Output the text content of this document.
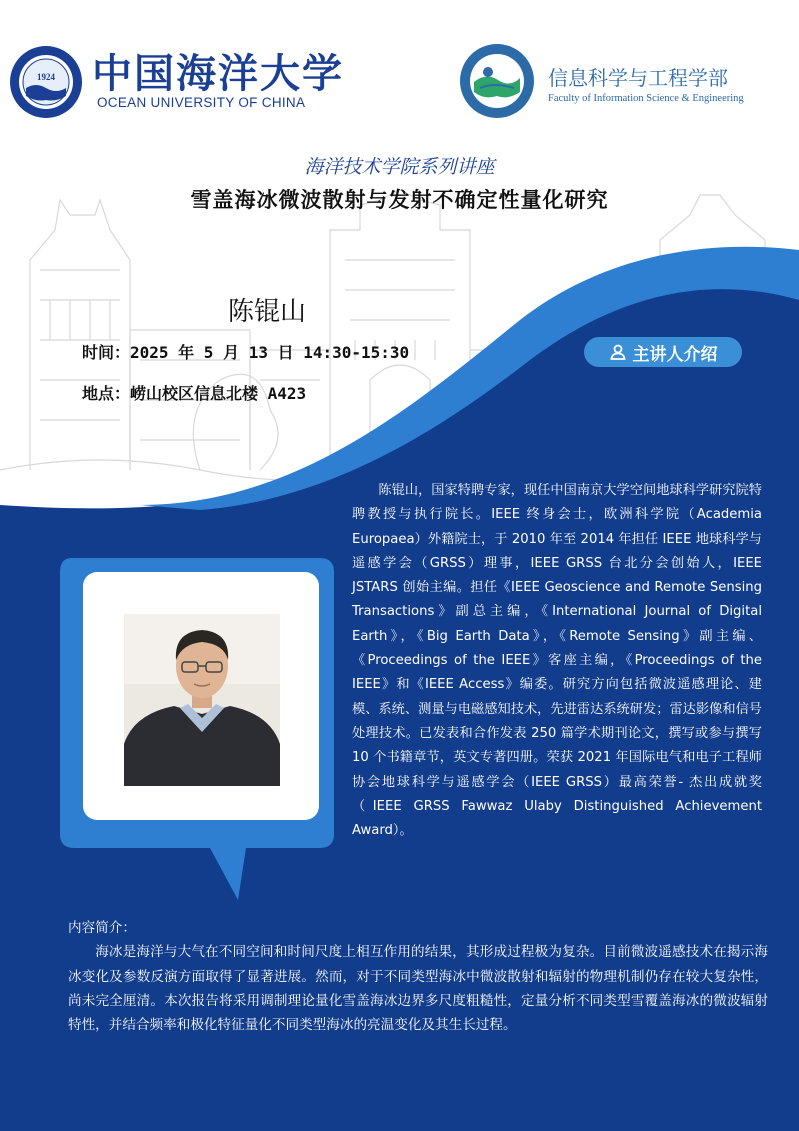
1924 中国海洋大学
OCEAN UNIVERSITY OF CHINA
信息科学与工程学部
Faculty of Information Science & Engineering
海洋技术学院系列讲座
雪盖海冰微波散射与发射不确定性量化研究
陈锟山
时间：2025 年 5 月 13 日 14:30-15:30
地点：崂山校区信息北楼 A423
主讲人介绍

陈锟山，国家特聘专家，现任中国南京大学空间地球科学研究院特聘教授与执行院长。IEEE 终身会士，欧洲科学院（Academia Europaea）外籍院士，于 2010 年至 2014 年担任 IEEE 地球科学与遥感学会（GRSS）理事，IEEE GRSS 台北分会创始人，IEEE JSTARS 创始主编。担任《IEEE Geoscience and Remote Sensing Transactions》副总主编，《International Journal of Digital Earth》，《Big Earth Data》，《Remote Sensing》副主编、《Proceedings of the IEEE》客座主编，《Proceedings of the IEEE》和《IEEE Access》编委。研究方向包括微波遥感理论、建模、系统、测量与电磁感知技术，先进雷达系统研发；雷达影像和信号处理技术。已发表和合作发表 250 篇学术期刊论文，撰写或参与撰写 10 个书籍章节，英文专著四册。荣获 2021 年国际电气和电子工程师协会地球科学与遥感学会（IEEE GRSS）最高荣誉- 杰出成就奖（IEEE GRSS Fawwaz Ulaby Distinguished Achievement Award）。

内容简介：

海冰是海洋与大气在不同空间和时间尺度上相互作用的结果，其形成过程极为复杂。目前微波遥感技术在揭示海冰变化及参数反演方面取得了显著进展。然而，对于不同类型海冰中微波散射和辐射的物理机制仍存在较大复杂性，尚未完全厘清。本次报告将采用调制理论量化雪盖海冰边界多尺度粗糙性，定量分析不同类型雪覆盖海冰的微波辐射特性，并结合频率和极化特征量化不同类型海冰的亮温变化及其生长过程。
